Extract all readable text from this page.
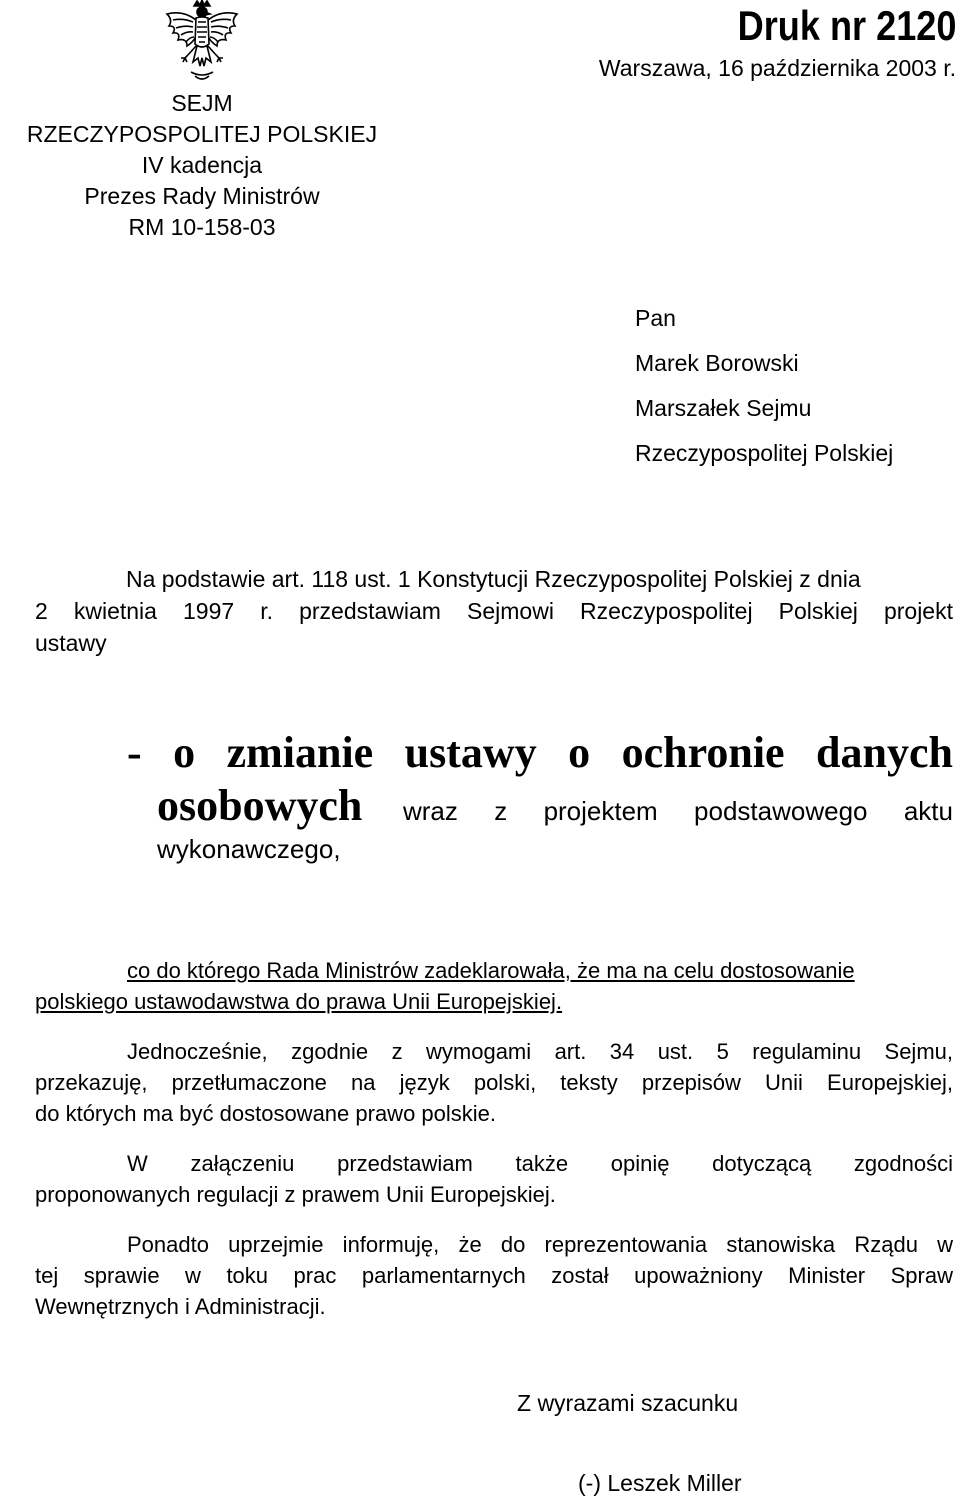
SEJM
RZECZYPOSPOLITEJ POLSKIEJ
IV kadencja
Prezes Rady Ministrów
RM 10-158-03
Druk nr 2120
Warszawa, 16 października 2003 r.
Pan
Marek Borowski
Marszałek Sejmu
Rzeczypospolitej Polskiej
Na podstawie art. 118 ust. 1 Konstytucji Rzeczypospolitej Polskiej z dnia
2 kwietnia 1997 r. przedstawiam Sejmowi Rzeczypospolitej Polskiej projekt
ustawy
- o zmianie ustawy o ochronie danych
osobowych wraz z projektem podstawowego aktu
wykonawczego,
co do którego Rada Ministrów zadeklarowała, że ma na celu dostosowanie
polskiego ustawodawstwa do prawa Unii Europejskiej.
Jednocześnie, zgodnie z wymogami art. 34 ust. 5 regulaminu Sejmu,
przekazuję, przetłumaczone na język polski, teksty przepisów Unii Europejskiej,
do których ma być dostosowane prawo polskie.
W załączeniu przedstawiam także opinię dotyczącą zgodności
proponowanych regulacji z prawem Unii Europejskiej.
Ponadto uprzejmie informuję, że do reprezentowania stanowiska Rządu w
tej sprawie w toku prac parlamentarnych został upoważniony Minister Spraw
Wewnętrznych i Administracji.
Z wyrazami szacunku
(-) Leszek Miller
